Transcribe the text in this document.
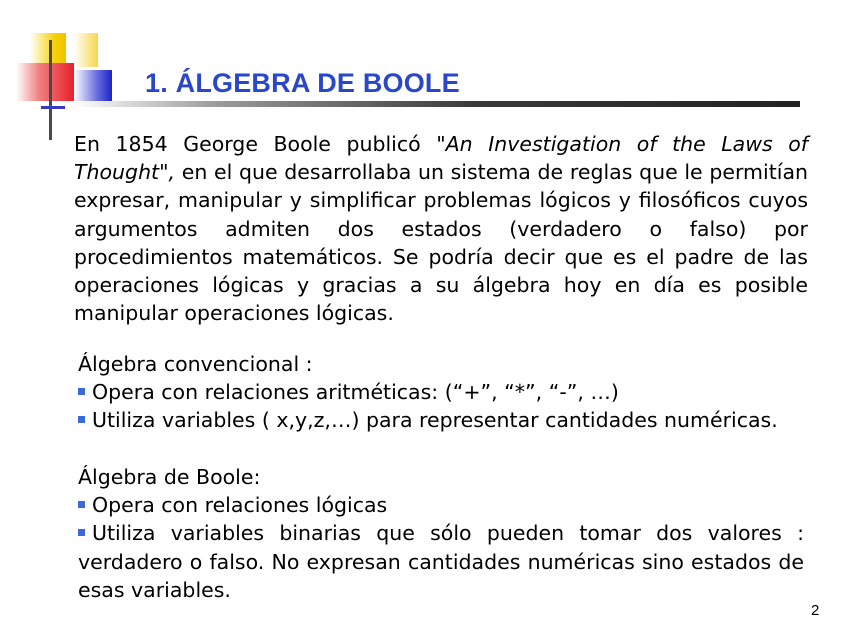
1. ÁLGEBRA DE BOOLE

En 1854 George Boole publicó "An Investigation of the Laws of Thought", en el que desarrollaba un sistema de reglas que le permitían expresar, manipular y simplificar problemas lógicos y filosóficos cuyos argumentos admiten dos estados (verdadero o falso) por procedimientos matemáticos. Se podría decir que es el padre de las operaciones lógicas y gracias a su álgebra hoy en día es posible manipular operaciones lógicas.

Álgebra convencional :

Opera con relaciones aritméticas: (“+”, “*”, “-”, …)

Utiliza variables ( x,y,z,…) para representar cantidades numéricas.

Álgebra de Boole:

Opera con relaciones lógicas

Utiliza variables binarias que sólo pueden tomar dos valores : verdadero o falso. No expresan cantidades numéricas sino estados de esas variables.

2
